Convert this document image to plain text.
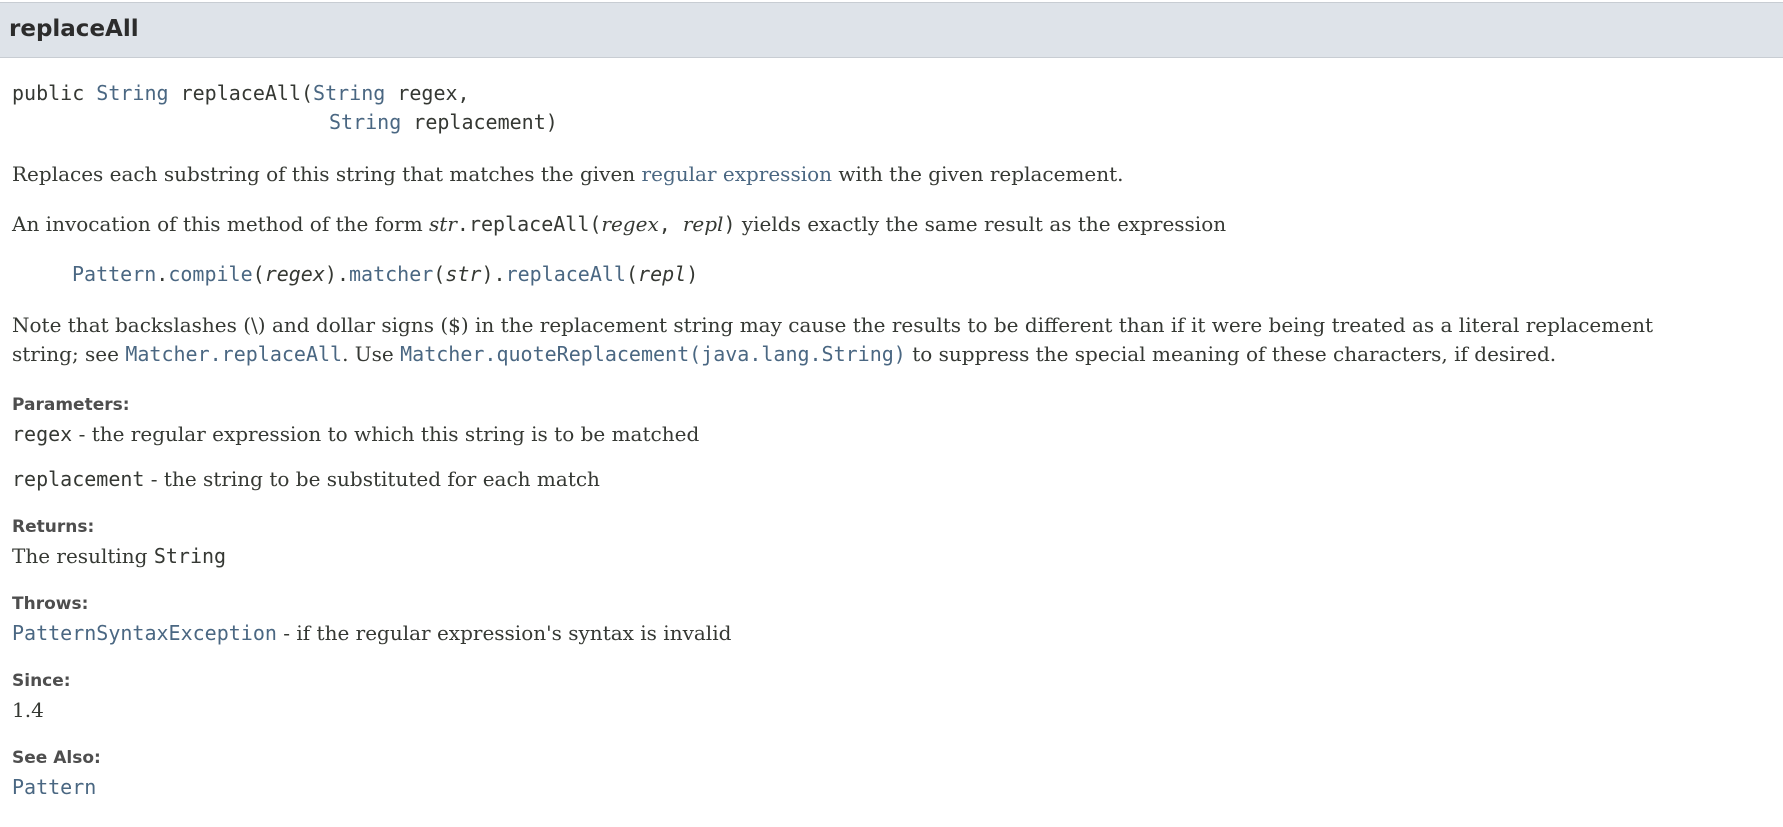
replaceAll
public String replaceAll(String regex,
String replacement)

Replaces each substring of this string that matches the given regular expression with the given replacement.

An invocation of this method of the form str.replaceAll(regex, repl) yields exactly the same result as the expression

Pattern.compile(regex).matcher(str).replaceAll(repl)

Note that backslashes (\) and dollar signs ($) in the replacement string may cause the results to be different than if it were being treated as a literal replacement

string; see Matcher.replaceAll. Use Matcher.quoteReplacement(java.lang.String) to suppress the special meaning of these characters, if desired.

Parameters:

regex - the regular expression to which this string is to be matched

replacement - the string to be substituted for each match

Returns:

The resulting String

Throws:

PatternSyntaxException - if the regular expression's syntax is invalid

Since:

1.4

See Also:

Pattern
